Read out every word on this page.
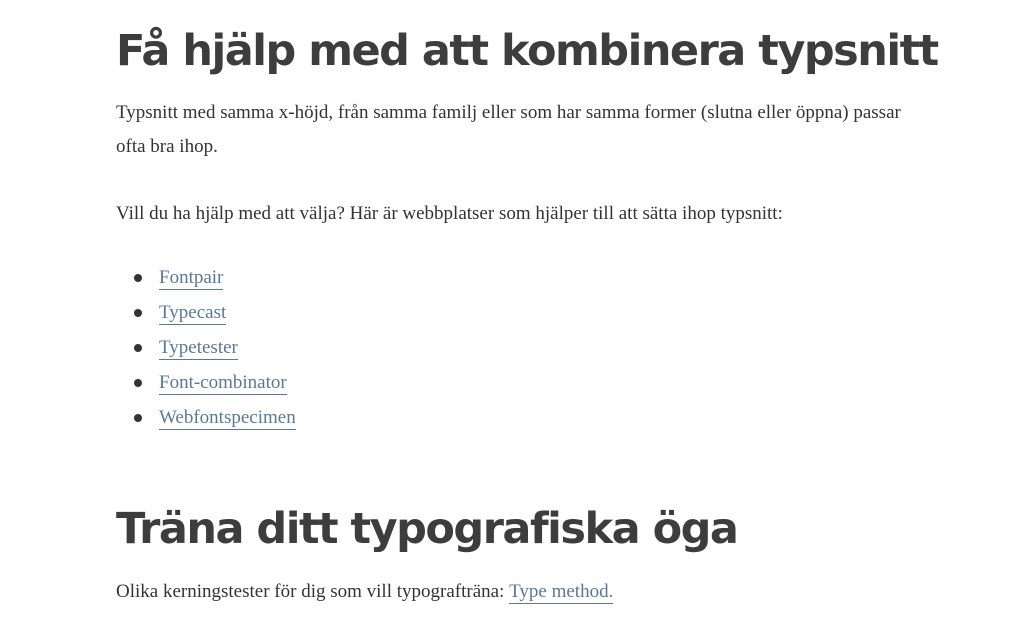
Få hjälp med att kombinera typsnitt

Typsnitt med samma x-höjd, från samma familj eller som har samma former (slutna eller öppna) passar ofta bra ihop.

Vill du ha hjälp med att välja? Här är webbplatser som hjälper till att sätta ihop typsnitt:

Fontpair
Typecast
Typetester
Font-combinator
Webfontspecimen
Träna ditt typografiska öga

Olika kerningstester för dig som vill typograftränа: Type method.
